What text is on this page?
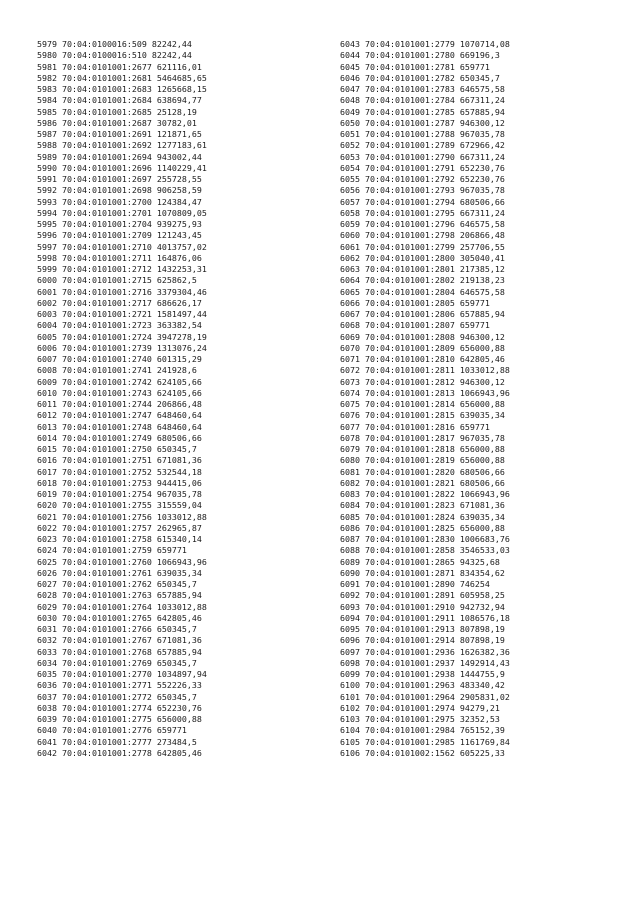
5979 70:04:0100016:509 82242,44
5980 70:04:0100016:510 82242,44
5981 70:04:0101001:2677 621116,01
5982 70:04:0101001:2681 5464685,65
5983 70:04:0101001:2683 1265668,15
5984 70:04:0101001:2684 638694,77
5985 70:04:0101001:2685 25128,19
5986 70:04:0101001:2687 30782,01
5987 70:04:0101001:2691 121871,65
5988 70:04:0101001:2692 1277183,61
5989 70:04:0101001:2694 943002,44
5990 70:04:0101001:2696 1140229,41
5991 70:04:0101001:2697 255728,55
5992 70:04:0101001:2698 906258,59
5993 70:04:0101001:2700 124384,47
5994 70:04:0101001:2701 1070809,05
5995 70:04:0101001:2704 939275,93
5996 70:04:0101001:2709 121243,45
5997 70:04:0101001:2710 4013757,02
5998 70:04:0101001:2711 164876,06
5999 70:04:0101001:2712 1432253,31
6000 70:04:0101001:2715 625862,5
6001 70:04:0101001:2716 3379304,46
6002 70:04:0101001:2717 686626,17
6003 70:04:0101001:2721 1581497,44
6004 70:04:0101001:2723 363382,54
6005 70:04:0101001:2724 3947278,19
6006 70:04:0101001:2739 1313076,24
6007 70:04:0101001:2740 601315,29
6008 70:04:0101001:2741 241928,6
6009 70:04:0101001:2742 624105,66
6010 70:04:0101001:2743 624105,66
6011 70:04:0101001:2744 206866,48
6012 70:04:0101001:2747 648460,64
6013 70:04:0101001:2748 648460,64
6014 70:04:0101001:2749 680506,66
6015 70:04:0101001:2750 650345,7
6016 70:04:0101001:2751 671081,36
6017 70:04:0101001:2752 532544,18
6018 70:04:0101001:2753 944415,06
6019 70:04:0101001:2754 967035,78
6020 70:04:0101001:2755 315559,04
6021 70:04:0101001:2756 1033012,88
6022 70:04:0101001:2757 262965,87
6023 70:04:0101001:2758 615340,14
6024 70:04:0101001:2759 659771
6025 70:04:0101001:2760 1066943,96
6026 70:04:0101001:2761 639035,34
6027 70:04:0101001:2762 650345,7
6028 70:04:0101001:2763 657885,94
6029 70:04:0101001:2764 1033012,88
6030 70:04:0101001:2765 642805,46
6031 70:04:0101001:2766 650345,7
6032 70:04:0101001:2767 671081,36
6033 70:04:0101001:2768 657885,94
6034 70:04:0101001:2769 650345,7
6035 70:04:0101001:2770 1034897,94
6036 70:04:0101001:2771 552226,33
6037 70:04:0101001:2772 650345,7
6038 70:04:0101001:2774 652230,76
6039 70:04:0101001:2775 656000,88
6040 70:04:0101001:2776 659771
6041 70:04:0101001:2777 273484,5
6042 70:04:0101001:2778 642805,46
6043 70:04:0101001:2779 1070714,08
6044 70:04:0101001:2780 669196,3
6045 70:04:0101001:2781 659771
6046 70:04:0101001:2782 650345,7
6047 70:04:0101001:2783 646575,58
6048 70:04:0101001:2784 667311,24
6049 70:04:0101001:2785 657885,94
6050 70:04:0101001:2787 946300,12
6051 70:04:0101001:2788 967035,78
6052 70:04:0101001:2789 672966,42
6053 70:04:0101001:2790 667311,24
6054 70:04:0101001:2791 652230,76
6055 70:04:0101001:2792 652230,76
6056 70:04:0101001:2793 967035,78
6057 70:04:0101001:2794 680506,66
6058 70:04:0101001:2795 667311,24
6059 70:04:0101001:2796 646575,58
6060 70:04:0101001:2798 206866,48
6061 70:04:0101001:2799 257706,55
6062 70:04:0101001:2800 305040,41
6063 70:04:0101001:2801 217385,12
6064 70:04:0101001:2802 219138,23
6065 70:04:0101001:2804 646575,58
6066 70:04:0101001:2805 659771
6067 70:04:0101001:2806 657885,94
6068 70:04:0101001:2807 659771
6069 70:04:0101001:2808 946300,12
6070 70:04:0101001:2809 656000,88
6071 70:04:0101001:2810 642805,46
6072 70:04:0101001:2811 1033012,88
6073 70:04:0101001:2812 946300,12
6074 70:04:0101001:2813 1066943,96
6075 70:04:0101001:2814 656000,88
6076 70:04:0101001:2815 639035,34
6077 70:04:0101001:2816 659771
6078 70:04:0101001:2817 967035,78
6079 70:04:0101001:2818 656000,88
6080 70:04:0101001:2819 656000,88
6081 70:04:0101001:2820 680506,66
6082 70:04:0101001:2821 680506,66
6083 70:04:0101001:2822 1066943,96
6084 70:04:0101001:2823 671081,36
6085 70:04:0101001:2824 639035,34
6086 70:04:0101001:2825 656000,88
6087 70:04:0101001:2830 1006683,76
6088 70:04:0101001:2858 3546533,03
6089 70:04:0101001:2865 94325,68
6090 70:04:0101001:2871 834354,62
6091 70:04:0101001:2890 746254
6092 70:04:0101001:2891 605958,25
6093 70:04:0101001:2910 942732,94
6094 70:04:0101001:2911 1086576,18
6095 70:04:0101001:2913 807898,19
6096 70:04:0101001:2914 807898,19
6097 70:04:0101001:2936 1626382,36
6098 70:04:0101001:2937 1492914,43
6099 70:04:0101001:2938 1444755,9
6100 70:04:0101001:2963 483340,42
6101 70:04:0101001:2964 2905831,02
6102 70:04:0101001:2974 94279,21
6103 70:04:0101001:2975 32352,53
6104 70:04:0101001:2984 765152,39
6105 70:04:0101001:2985 1161769,84
6106 70:04:0101002:1562 605225,33
